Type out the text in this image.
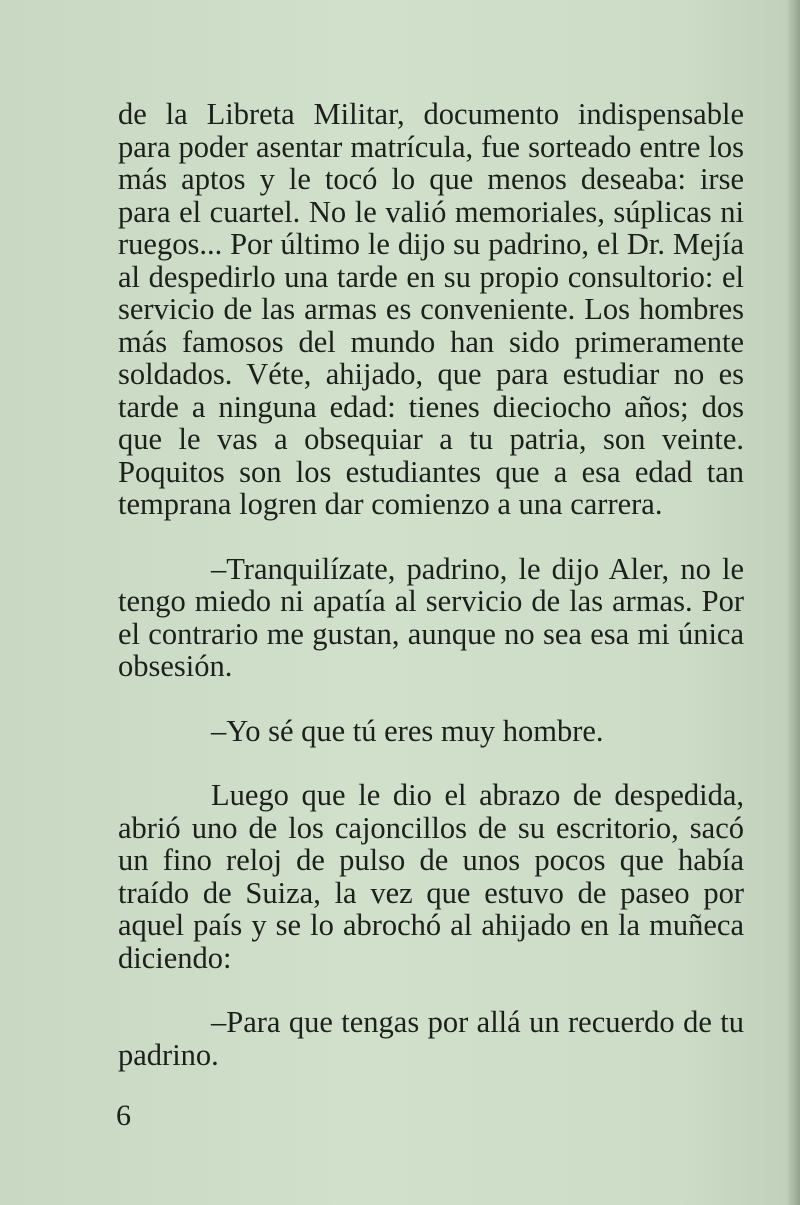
de la Libreta Militar, documento indispensable para poder asentar matrícula, fue sorteado entre los más aptos y le tocó lo que menos deseaba: irse para el cuartel. No le valió memoriales, súplicas ni ruegos... Por último le dijo su padrino, el Dr. Mejía al despedirlo una tarde en su propio consultorio: el servicio de las armas es conveniente. Los hombres más famosos del mundo han sido primeramente soldados. Véte, ahijado, que para estudiar no es tarde a ninguna edad: tienes dieciocho años; dos que le vas a obsequiar a tu patria, son veinte. Poquitos son los estudiantes que a esa edad tan temprana logren dar comienzo a una carrera.

–Tranquilízate, padrino, le dijo Aler, no le tengo miedo ni apatía al servicio de las armas. Por el contrario me gustan, aunque no sea esa mi única obsesión.

–Yo sé que tú eres muy hombre.

Luego que le dio el abrazo de despedida, abrió uno de los cajoncillos de su escritorio, sacó un fino reloj de pulso de unos pocos que había traído de Suiza, la vez que estuvo de paseo por aquel país y se lo abrochó al ahijado en la muñeca diciendo:

–Para que tengas por allá un recuerdo de tu padrino.

6
